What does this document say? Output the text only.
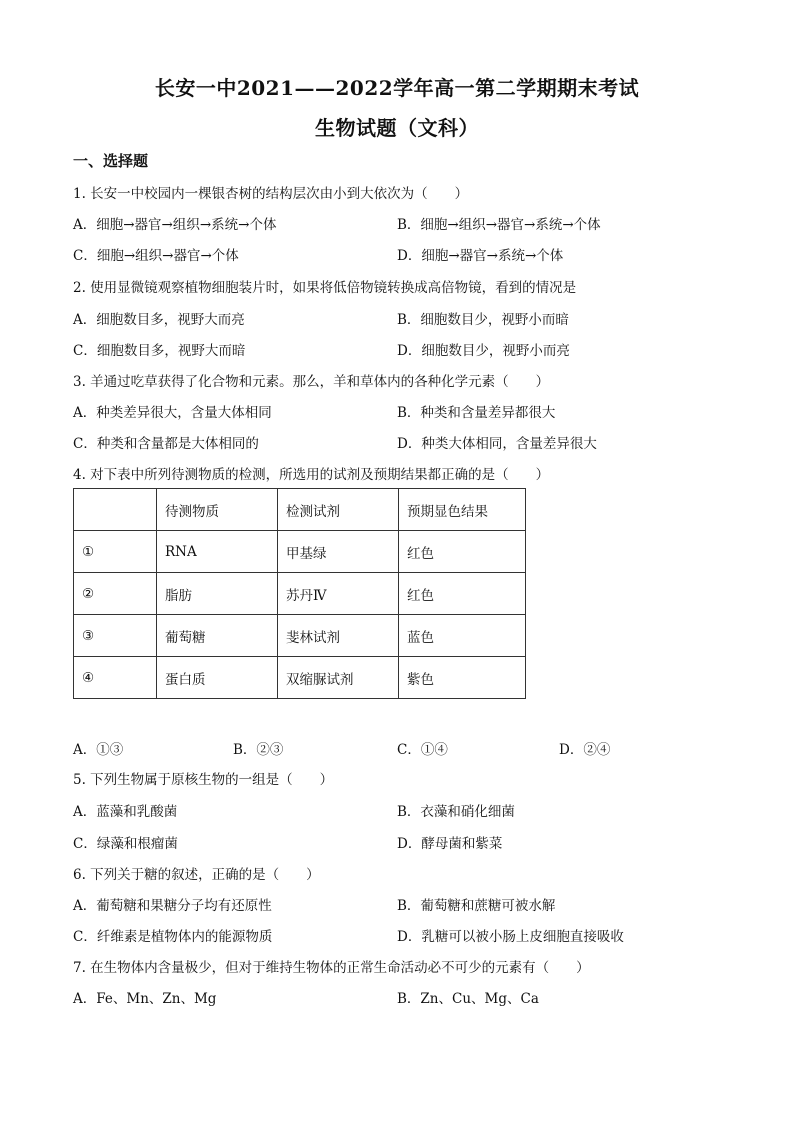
长安一中2021——2022学年高一第二学期期末考试
生物试题（文科）
一、选择题
1. 长安一中校园内一棵银杏树的结构层次由小到大依次为（　　）
A．细胞→器官→组织→系统→个体	B．细胞→组织→器官→系统→个体
C．细胞→组织→器官→个体	D．细胞→器官→系统→个体
2. 使用显微镜观察植物细胞装片时，如果将低倍物镜转换成高倍物镜，看到的情况是
A．细胞数目多，视野大而亮	B．细胞数目少，视野小而暗
C．细胞数目多，视野大而暗	D．细胞数目少，视野小而亮
3. 羊通过吃草获得了化合物和元素。那么，羊和草体内的各种化学元素（　　）
A．种类差异很大，含量大体相同	B．种类和含量差异都很大
C．种类和含量都是大体相同的	D．种类大体相同，含量差异很大
4. 对下表中所列待测物质的检测，所选用的试剂及预期结果都正确的是（　　）
	待测物质	检测试剂	预期显色结果
①	RNA	甲基绿	红色
②	脂肪	苏丹Ⅳ	红色
③	葡萄糖	斐林试剂	蓝色
④	蛋白质	双缩脲试剂	紫色
A．①③	B．②③	C．①④	D．②④
5. 下列生物属于原核生物的一组是（　　）
A．蓝藻和乳酸菌	B．衣藻和硝化细菌
C．绿藻和根瘤菌	D．酵母菌和紫菜
6. 下列关于糖的叙述，正确的是（　　）
A．葡萄糖和果糖分子均有还原性	B．葡萄糖和蔗糖可被水解
C．纤维素是植物体内的能源物质	D．乳糖可以被小肠上皮细胞直接吸收
7. 在生物体内含量极少，但对于维持生物体的正常生命活动必不可少的元素有（　　）
A．Fe、Mn、Zn、Mg	B．Zn、Cu、Mg、Ca
